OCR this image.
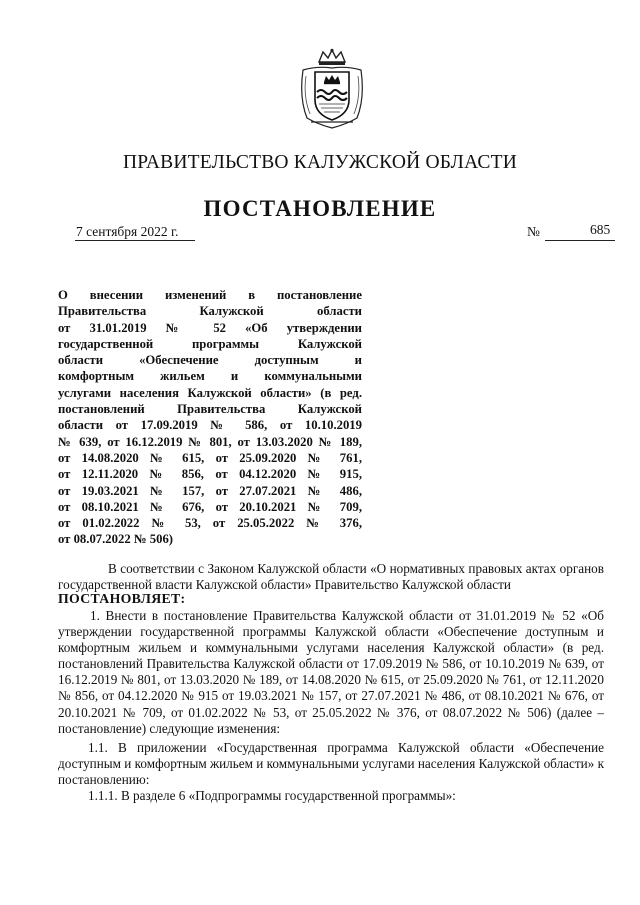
ПРАВИТЕЛЬСТВО КАЛУЖСКОЙ ОБЛАСТИ
ПОСТАНОВЛЕНИЕ
7 сентября 2022 г.	№	685
О внесении изменений в постановление
Правительства Калужской области
от 31.01.2019 № 52 «Об утверждении
государственной программы Калужской
области «Обеспечение доступным и
комфортным жильем и коммунальными
услугами населения Калужской области» (в ред.
постановлений Правительства Калужской
области от 17.09.2019 № 586, от 10.10.2019
№ 639, от 16.12.2019 № 801, от 13.03.2020 № 189,
от 14.08.2020 № 615, от 25.09.2020 № 761,
от 12.11.2020 № 856, от 04.12.2020 № 915,
от 19.03.2021 № 157, от 27.07.2021 № 486,
от 08.10.2021 № 676, от 20.10.2021 № 709,
от 01.02.2022 № 53, от 25.05.2022 № 376,
от 08.07.2022 № 506)
В соответствии с Законом Калужской области «О нормативных правовых актах органов государственной власти Калужской области» Правительство Калужской области
ПОСТАНОВЛЯЕТ:
1. Внести в постановление Правительства Калужской области от 31.01.2019 № 52 «Об утверждении государственной программы Калужской области «Обеспечение доступным и комфортным жильем и коммунальными услугами населения Калужской области» (в ред. постановлений Правительства Калужской области от 17.09.2019 № 586, от 10.10.2019 № 639, от 16.12.2019 № 801, от 13.03.2020 № 189, от 14.08.2020 № 615, от 25.09.2020 № 761, от 12.11.2020 № 856, от 04.12.2020 № 915 от 19.03.2021 № 157, от 27.07.2021 № 486, от 08.10.2021 № 676, от 20.10.2021 № 709, от 01.02.2022 № 53, от 25.05.2022 № 376, от 08.07.2022 № 506) (далее – постановление) следующие изменения:
1.1. В приложении «Государственная программа Калужской области «Обеспечение доступным и комфортным жильем и коммунальными услугами населения Калужской области» к постановлению:
1.1.1. В разделе 6 «Подпрограммы государственной программы»:
